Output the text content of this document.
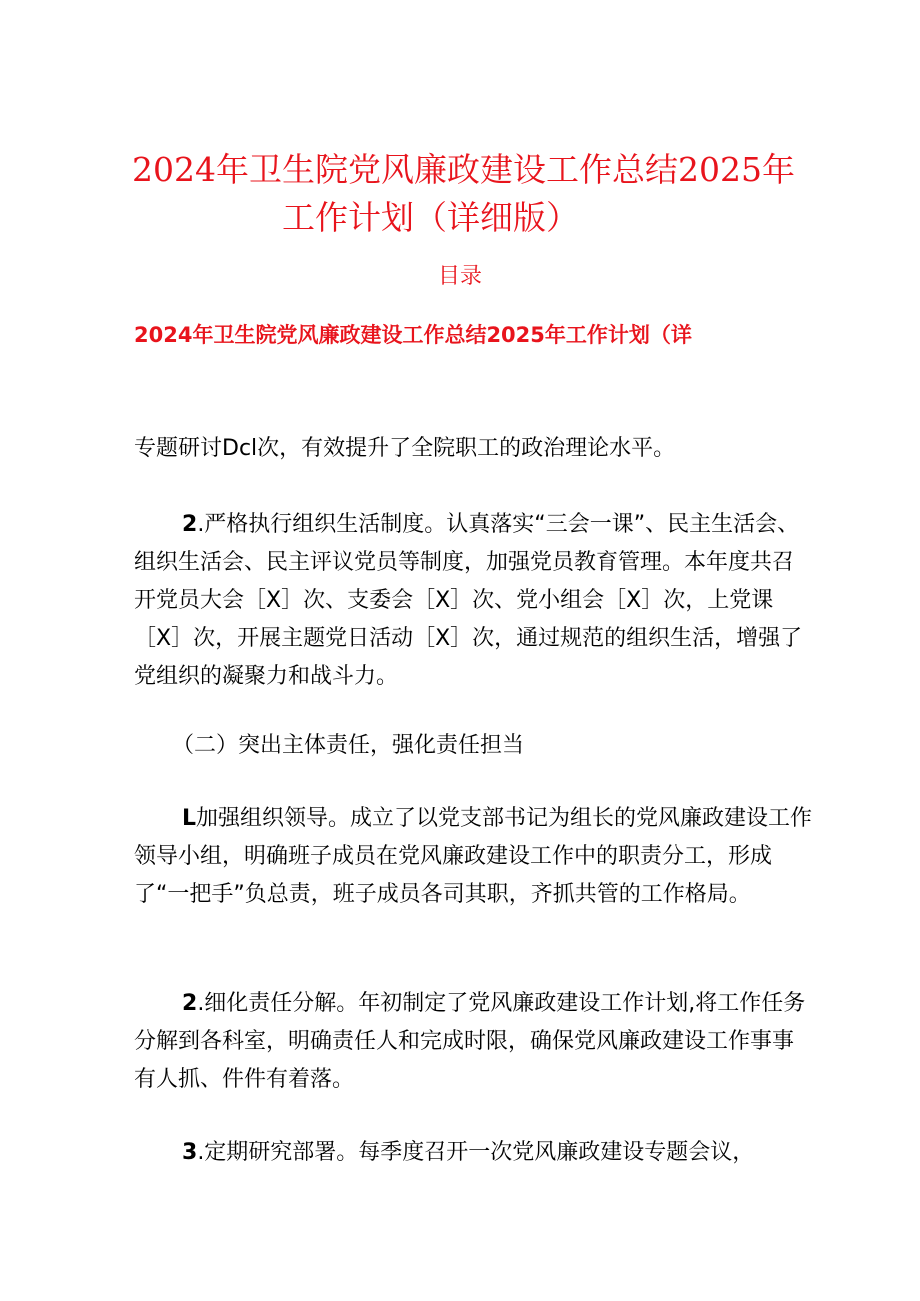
2024年卫生院党风廉政建设工作总结2025年
工作计划（详细版）
目录
2024年卫生院党风廉政建设工作总结2025年工作计划（详

专题研讨Dcl次，有效提升了全院职工的政治理论水平。

2.严格执行组织生活制度。认真落实“三会一课”、民主生活会、组织生活会、民主评议党员等制度，加强党员教育管理。本年度共召开党员大会［X］次、支委会［X］次、党小组会［X］次，上党课［X］次，开展主题党日活动［X］次，通过规范的组织生活，增强了党组织的凝聚力和战斗力。

（二）突出主体责任，强化责任担当

L加强组织领导。成立了以党支部书记为组长的党风廉政建设工作领导小组，明确班子成员在党风廉政建设工作中的职责分工，形成了“一把手”负总责，班子成员各司其职，齐抓共管的工作格局。

2.细化责任分解。年初制定了党风廉政建设工作计划,将工作任务分解到各科室，明确责任人和完成时限，确保党风廉政建设工作事事有人抓、件件有着落。

3.定期研究部署。每季度召开一次党风廉政建设专题会议，
